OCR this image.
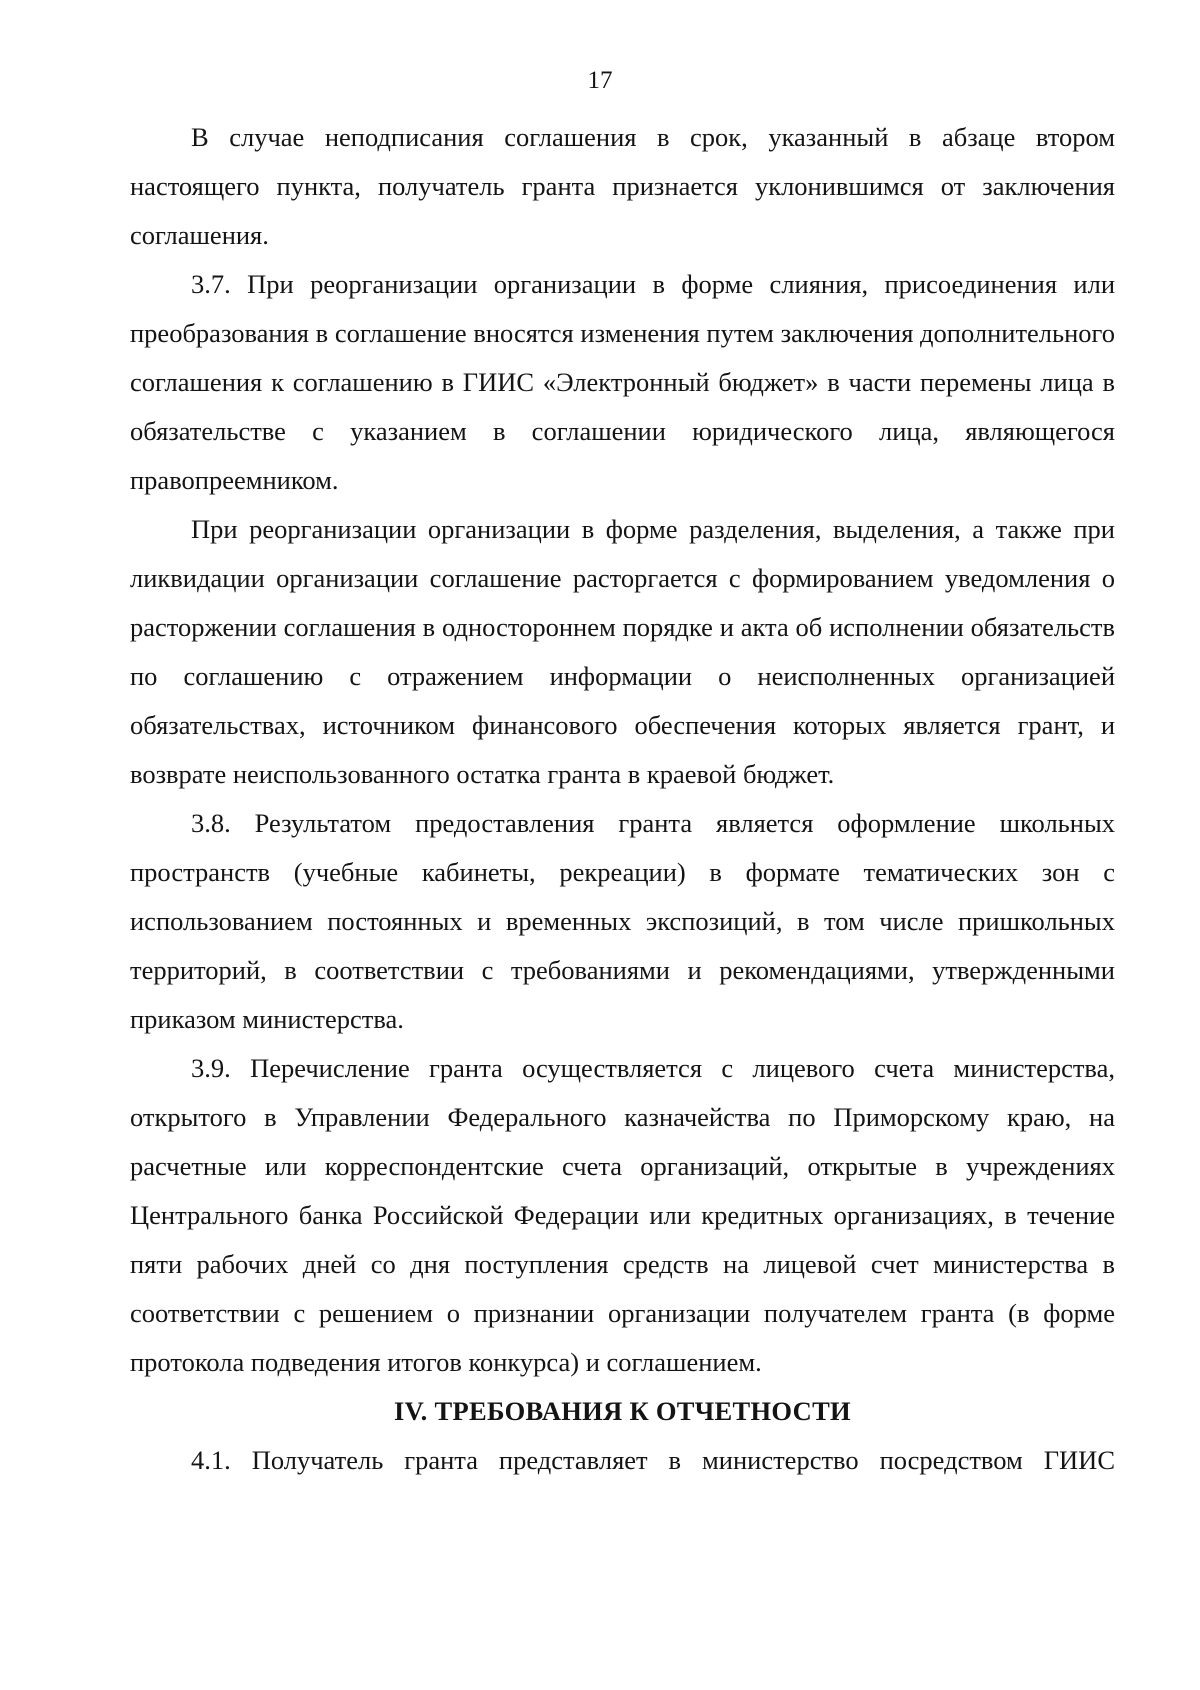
17

В случае неподписания соглашения в срок, указанный в абзаце втором настоящего пункта, получатель гранта признается уклонившимся от заключения соглашения.

3.7. При реорганизации организации в форме слияния, присоединения или преобразования в соглашение вносятся изменения путем заключения дополнительного соглашения к соглашению в ГИИС «Электронный бюджет» в части перемены лица в обязательстве с указанием в соглашении юридического лица, являющегося правопреемником.

При реорганизации организации в форме разделения, выделения, а также при ликвидации организации соглашение расторгается с формированием уведомления о расторжении соглашения в одностороннем порядке и акта об исполнении обязательств по соглашению с отражением информации о неисполненных организацией обязательствах, источником финансового обеспечения которых является грант, и возврате неиспользованного остатка гранта в краевой бюджет.

3.8. Результатом предоставления гранта является оформление школьных пространств (учебные кабинеты, рекреации) в формате тематических зон с использованием постоянных и временных экспозиций, в том числе пришкольных территорий, в соответствии с требованиями и рекомендациями, утвержденными приказом министерства.

3.9. Перечисление гранта осуществляется с лицевого счета министерства, открытого в Управлении Федерального казначейства по Приморскому краю, на расчетные или корреспондентские счета организаций, открытые в учреждениях Центрального банка Российской Федерации или кредитных организациях, в течение пяти рабочих дней со дня поступления средств на лицевой счет министерства в соответствии с решением о признании организации получателем гранта (в форме протокола подведения итогов конкурса) и соглашением.

IV. ТРЕБОВАНИЯ К ОТЧЕТНОСТИ

4.1. Получатель гранта представляет в министерство посредством ГИИС
